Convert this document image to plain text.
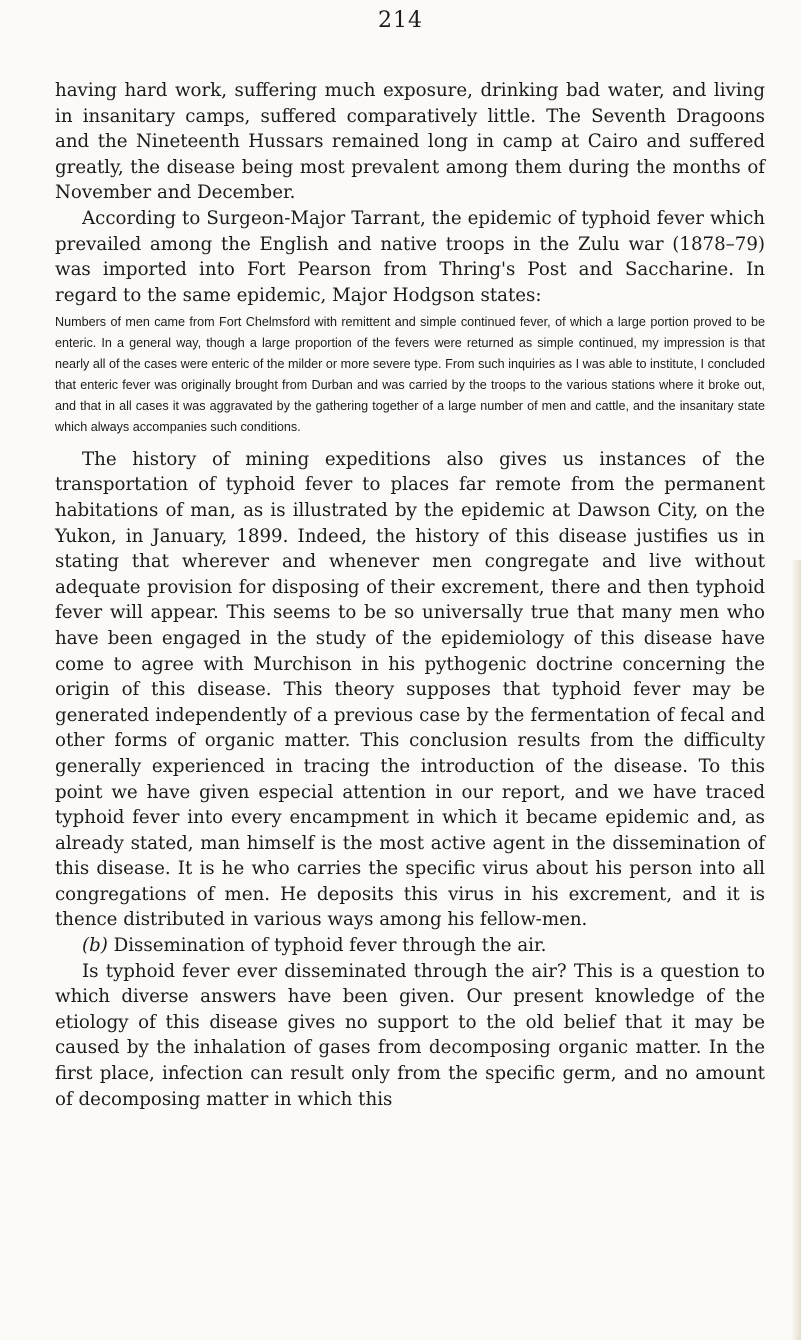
214

having hard work, suffering much exposure, drinking bad water, and living in insanitary camps, suffered comparatively little. The Seventh Dragoons and the Nineteenth Hussars remained long in camp at Cairo and suffered greatly, the disease being most prevalent among them during the months of November and December.

According to Surgeon-Major Tarrant, the epidemic of typhoid fever which prevailed among the English and native troops in the Zulu war (1878–79) was imported into Fort Pearson from Thring's Post and Saccharine. In regard to the same epidemic, Major Hodgson states:

Numbers of men came from Fort Chelmsford with remittent and simple continued fever, of which a large portion proved to be enteric. In a general way, though a large proportion of the fevers were returned as simple continued, my impression is that nearly all of the cases were enteric of the milder or more severe type. From such inquiries as I was able to institute, I concluded that enteric fever was originally brought from Durban and was carried by the troops to the various stations where it broke out, and that in all cases it was aggravated by the gathering together of a large number of men and cattle, and the insanitary state which always accompanies such conditions.

The history of mining expeditions also gives us instances of the transportation of typhoid fever to places far remote from the permanent habitations of man, as is illustrated by the epidemic at Dawson City, on the Yukon, in January, 1899. Indeed, the history of this disease justifies us in stating that wherever and whenever men congregate and live without adequate provision for disposing of their excrement, there and then typhoid fever will appear. This seems to be so universally true that many men who have been engaged in the study of the epidemiology of this disease have come to agree with Murchison in his pythogenic doctrine concerning the origin of this disease. This theory supposes that typhoid fever may be generated independently of a previous case by the fermentation of fecal and other forms of organic matter. This conclusion results from the difficulty generally experienced in tracing the introduction of the disease. To this point we have given especial attention in our report, and we have traced typhoid fever into every encampment in which it became epidemic and, as already stated, man himself is the most active agent in the dissemination of this disease. It is he who carries the specific virus about his person into all congregations of men. He deposits this virus in his excrement, and it is thence distributed in various ways among his fellow-men.

(b) Dissemination of typhoid fever through the air.

Is typhoid fever ever disseminated through the air? This is a question to which diverse answers have been given. Our present knowledge of the etiology of this disease gives no support to the old belief that it may be caused by the inhalation of gases from decomposing organic matter. In the first place, infection can result only from the specific germ, and no amount of decomposing matter in which this
